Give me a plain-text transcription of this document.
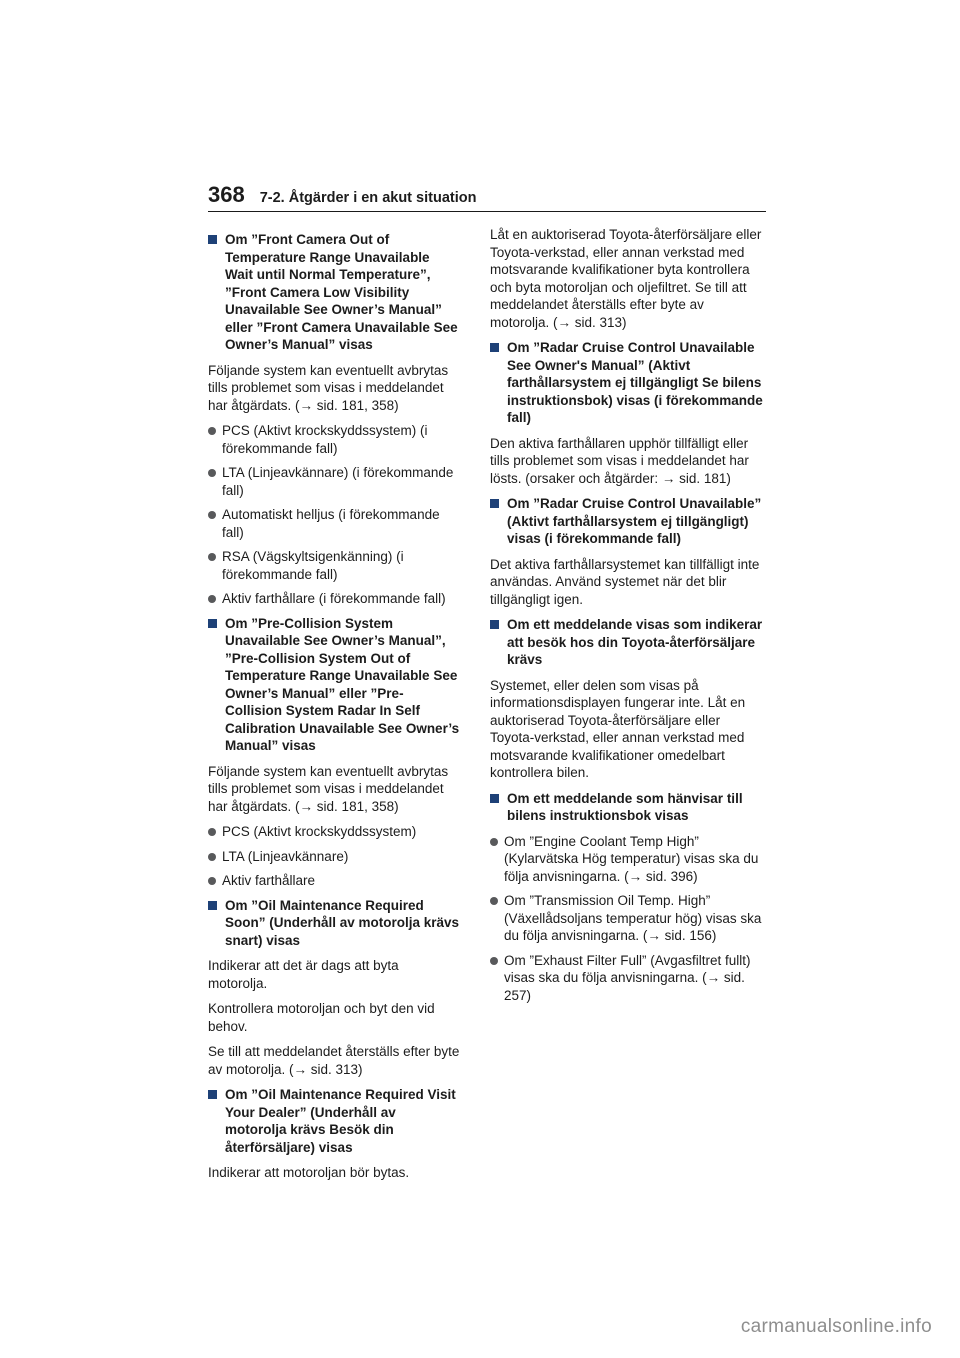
368 7-2. Åtgärder i en akut situation
Om ”Front Camera Out of Temperature Range Unavailable Wait until Normal Temperature”, ”Front Camera Low Visibility Unavailable See Owner’s Manual” eller ”Front Camera Unavailable See Owner’s Manual” visas
Följande system kan eventuellt avbrytas tills problemet som visas i meddelandet har åtgärdats. (→ sid. 181, 358)
PCS (Aktivt krockskyddssystem) (i förekommande fall)
LTA (Linjeavkännare) (i förekommande fall)
Automatiskt helljus (i förekommande fall)
RSA (Vägskyltsigenkänning) (i förekommande fall)
Aktiv farthållare (i förekommande fall)
Om ”Pre-Collision System Unavailable See Owner’s Manual”, ”Pre-Collision System Out of Temperature Range Unavailable See Owner’s Manual” eller ”Pre-Collision System Radar In Self Calibration Unavailable See Owner’s Manual” visas
Följande system kan eventuellt avbrytas tills problemet som visas i meddelandet har åtgärdats. (→ sid. 181, 358)
PCS (Aktivt krockskyddssystem)
LTA (Linjeavkännare)
Aktiv farthållare
Om ”Oil Maintenance Required Soon” (Underhåll av motorolja krävs snart) visas
Indikerar att det är dags att byta motorolja.
Kontrollera motoroljan och byt den vid behov.
Se till att meddelandet återställs efter byte av motorolja. (→ sid. 313)
Om ”Oil Maintenance Required Visit Your Dealer” (Underhåll av motorolja krävs Besök din återförsäljare) visas
Indikerar att motoroljan bör bytas.
Låt en auktoriserad Toyota-återförsäljare eller Toyota-verkstad, eller annan verkstad med motsvarande kvalifikationer byta kontrollera och byta motoroljan och oljefiltret. Se till att meddelandet återställs efter byte av motorolja. (→ sid. 313)
Om ”Radar Cruise Control Unavailable See Owner's Manual” (Aktivt farthållarsystem ej tillgängligt Se bilens instruktionsbok) visas (i förekommande fall)
Den aktiva farthållaren upphör tillfälligt eller tills problemet som visas i meddelandet har lösts. (orsaker och åtgärder: → sid. 181)
Om ”Radar Cruise Control Unavailable” (Aktivt farthållarsystem ej tillgängligt) visas (i förekommande fall)
Det aktiva farthållarsystemet kan tillfälligt inte användas. Använd systemet när det blir tillgängligt igen.
Om ett meddelande visas som indikerar att besök hos din Toyota-återförsäljare krävs
Systemet, eller delen som visas på informationsdisplayen fungerar inte. Låt en auktoriserad Toyota-återförsäljare eller Toyota-verkstad, eller annan verkstad med motsvarande kvalifikationer omedelbart kontrollera bilen.
Om ett meddelande som hänvisar till bilens instruktionsbok visas
Om ”Engine Coolant Temp High” (Kylarvätska Hög temperatur) visas ska du följa anvisningarna. (→ sid. 396)
Om ”Transmission Oil Temp. High” (Växellådsoljans temperatur hög) visas ska du följa anvisningarna. (→ sid. 156)
Om ”Exhaust Filter Full” (Avgasfiltret fullt) visas ska du följa anvisningarna. (→ sid. 257)
carmanualsonline.info
